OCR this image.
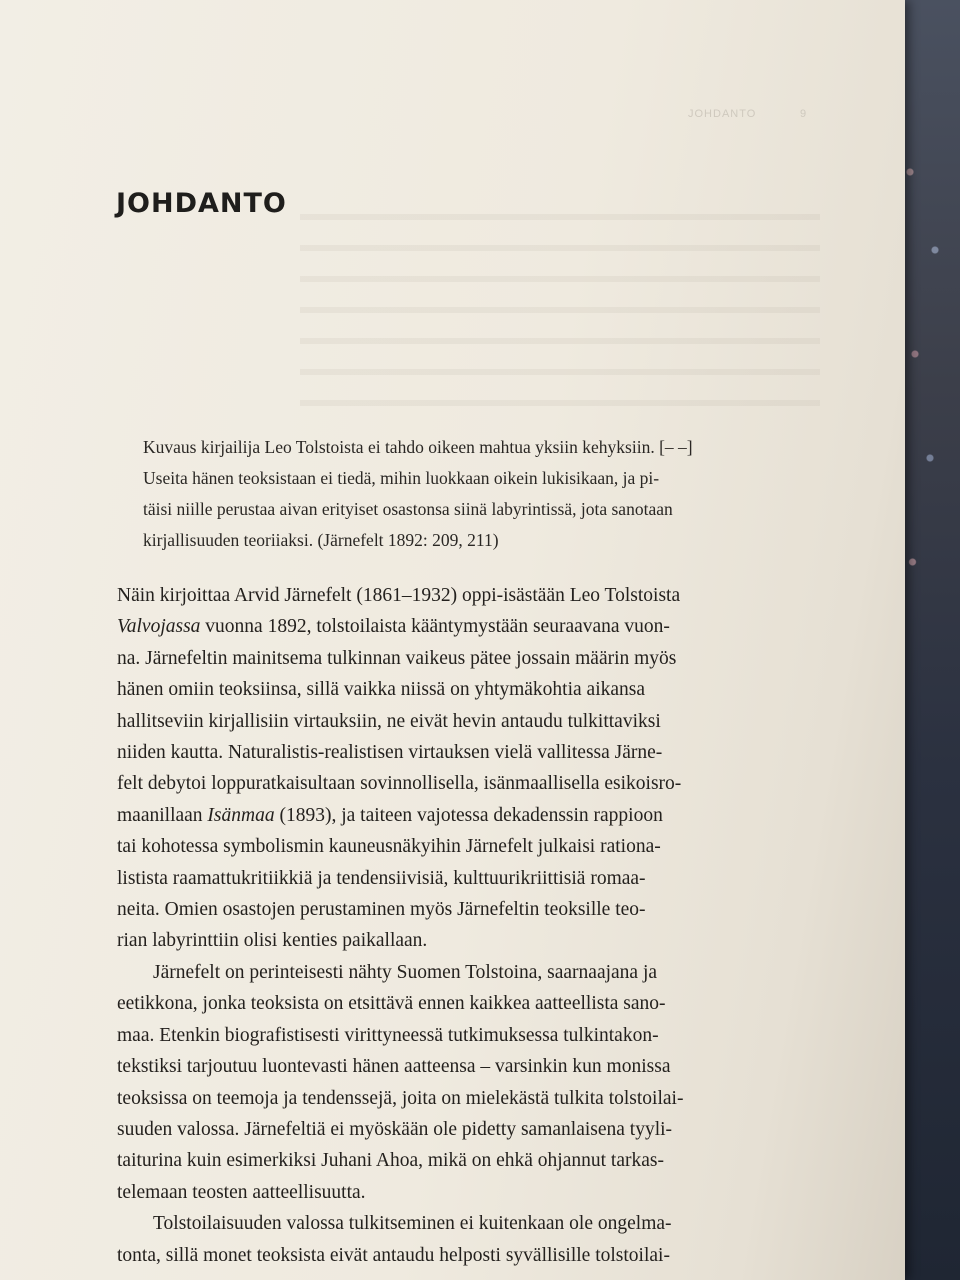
JOHDANTO	9
JOHDANTO
Kuvaus kirjailija Leo Tolstoista ei tahdo oikeen mahtua yksiin kehyksiin. [– –]
Useita hänen teoksistaan ei tiedä, mihin luokkaan oikein lukisikaan, ja pi-
täisi niille perustaa aivan erityiset osastonsa siinä labyrintissä, jota sanotaan
kirjallisuuden teoriiaksi. (Järnefelt 1892: 209, 211)

Näin kirjoittaa Arvid Järnefelt (1861–1932) oppi-isästään Leo Tolstoista
Valvojassa vuonna 1892, tolstoilaista kääntymystään seuraavana vuon-
na. Järnefeltin mainitsema tulkinnan vaikeus pätee jossain määrin myös
hänen omiin teoksiinsa, sillä vaikka niissä on yhtymäkohtia aikansa
hallitseviin kirjallisiin virtauksiin, ne eivät hevin antaudu tulkittaviksi
niiden kautta. Naturalistis-realistisen virtauksen vielä vallitessa Järne-
felt debytoi loppuratkaisultaan sovinnollisella, isänmaallisella esikoisro-
maanillaan Isänmaa (1893), ja taiteen vajotessa dekadenssin rappioon
tai kohotessa symbolismin kauneusnäkyihin Järnefelt julkaisi rationa-
listista raamattukritiikkiä ja tendensiivisiä, kulttuurikriittisiä romaa-
neita. Omien osastojen perustaminen myös Järnefeltin teoksille teo-
rian labyrinttiin olisi kenties paikallaan.

Järnefelt on perinteisesti nähty Suomen Tolstoina, saarnaajana ja
eetikkona, jonka teoksista on etsittävä ennen kaikkea aatteellista sano-
maa. Etenkin biografistisesti virittyneessä tutkimuksessa tulkintakon-
tekstiksi tarjoutuu luontevasti hänen aatteensa – varsinkin kun monissa
teoksissa on teemoja ja tendenssejä, joita on mielekästä tulkita tolstoilai-
suuden valossa. Järnefeltiä ei myöskään ole pidetty samanlaisena tyyli-
taiturina kuin esimerkiksi Juhani Ahoa, mikä on ehkä ohjannut tarkas-
telemaan teosten aatteellisuutta.

Tolstoilaisuuden valossa tulkitseminen ei kuitenkaan ole ongelma-
tonta, sillä monet teoksista eivät antaudu helposti syvällisille tolstoilai-
